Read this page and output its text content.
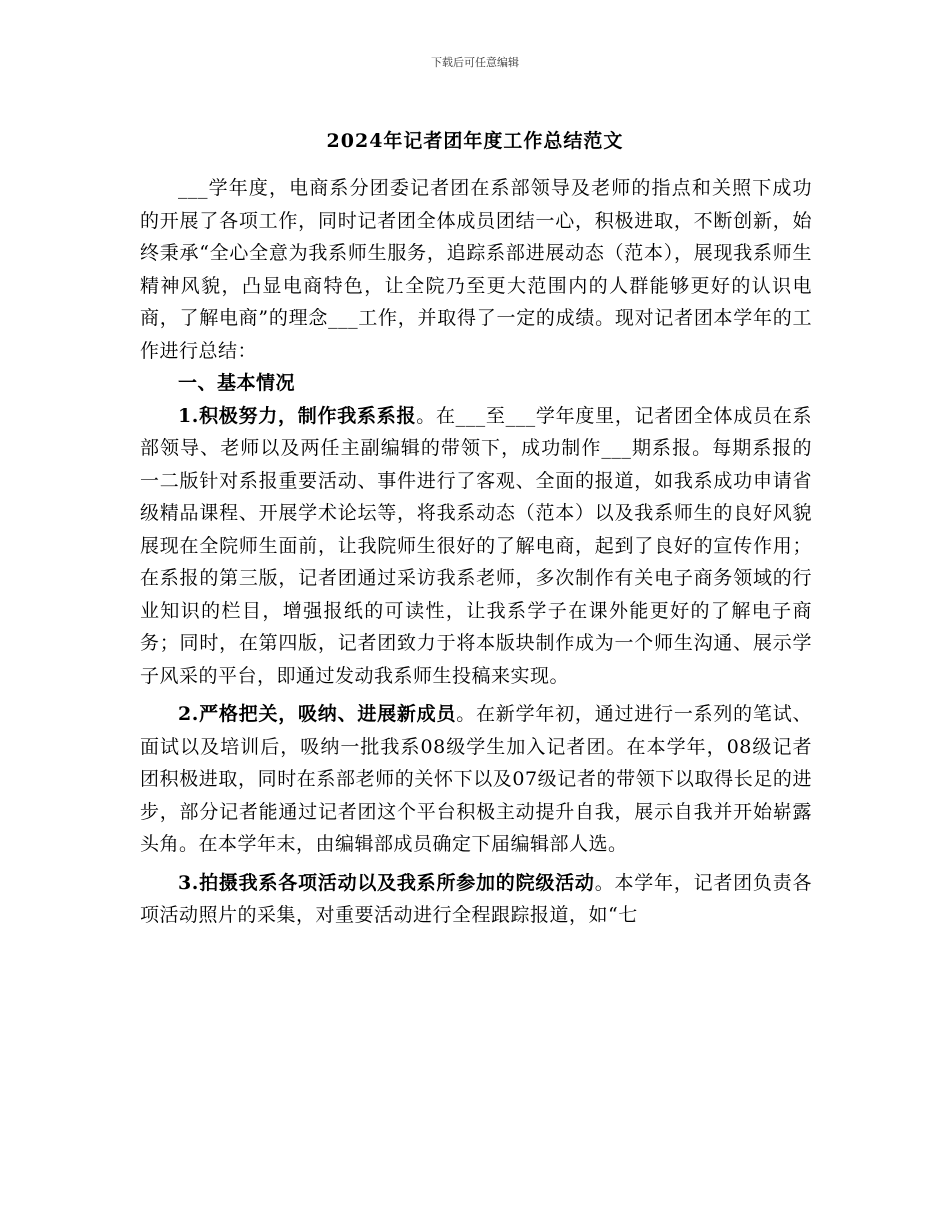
下载后可任意编辑
2024年记者团年度工作总结范文

___学年度，电商系分团委记者团在系部领导及老师的指点和关照下成功的开展了各项工作，同时记者团全体成员团结一心，积极进取，不断创新，始终秉承“全心全意为我系师生服务，追踪系部进展动态（范本），展现我系师生精神风貌，凸显电商特色，让全院乃至更大范围内的人群能够更好的认识电商，了解电商”的理念___工作，并取得了一定的成绩。现对记者团本学年的工作进行总结：

一、基本情况

1.积极努力，制作我系系报。在___至___学年度里，记者团全体成员在系部领导、老师以及两任主副编辑的带领下，成功制作___期系报。每期系报的一二版针对系报重要活动、事件进行了客观、全面的报道，如我系成功申请省级精品课程、开展学术论坛等，将我系动态（范本）以及我系师生的良好风貌展现在全院师生面前，让我院师生很好的了解电商，起到了良好的宣传作用；在系报的第三版，记者团通过采访我系老师，多次制作有关电子商务领域的行业知识的栏目，增强报纸的可读性，让我系学子在课外能更好的了解电子商务；同时，在第四版，记者团致力于将本版块制作成为一个师生沟通、展示学子风采的平台，即通过发动我系师生投稿来实现。

2.严格把关，吸纳、进展新成员。在新学年初，通过进行一系列的笔试、面试以及培训后，吸纳一批我系08级学生加入记者团。在本学年，08级记者团积极进取，同时在系部老师的关怀下以及07级记者的带领下以取得长足的进步，部分记者能通过记者团这个平台积极主动提升自我，展示自我并开始崭露头角。在本学年末，由编辑部成员确定下届编辑部人选。

3.拍摄我系各项活动以及我系所参加的院级活动。本学年，记者团负责各项活动照片的采集，对重要活动进行全程跟踪报道，如“七
